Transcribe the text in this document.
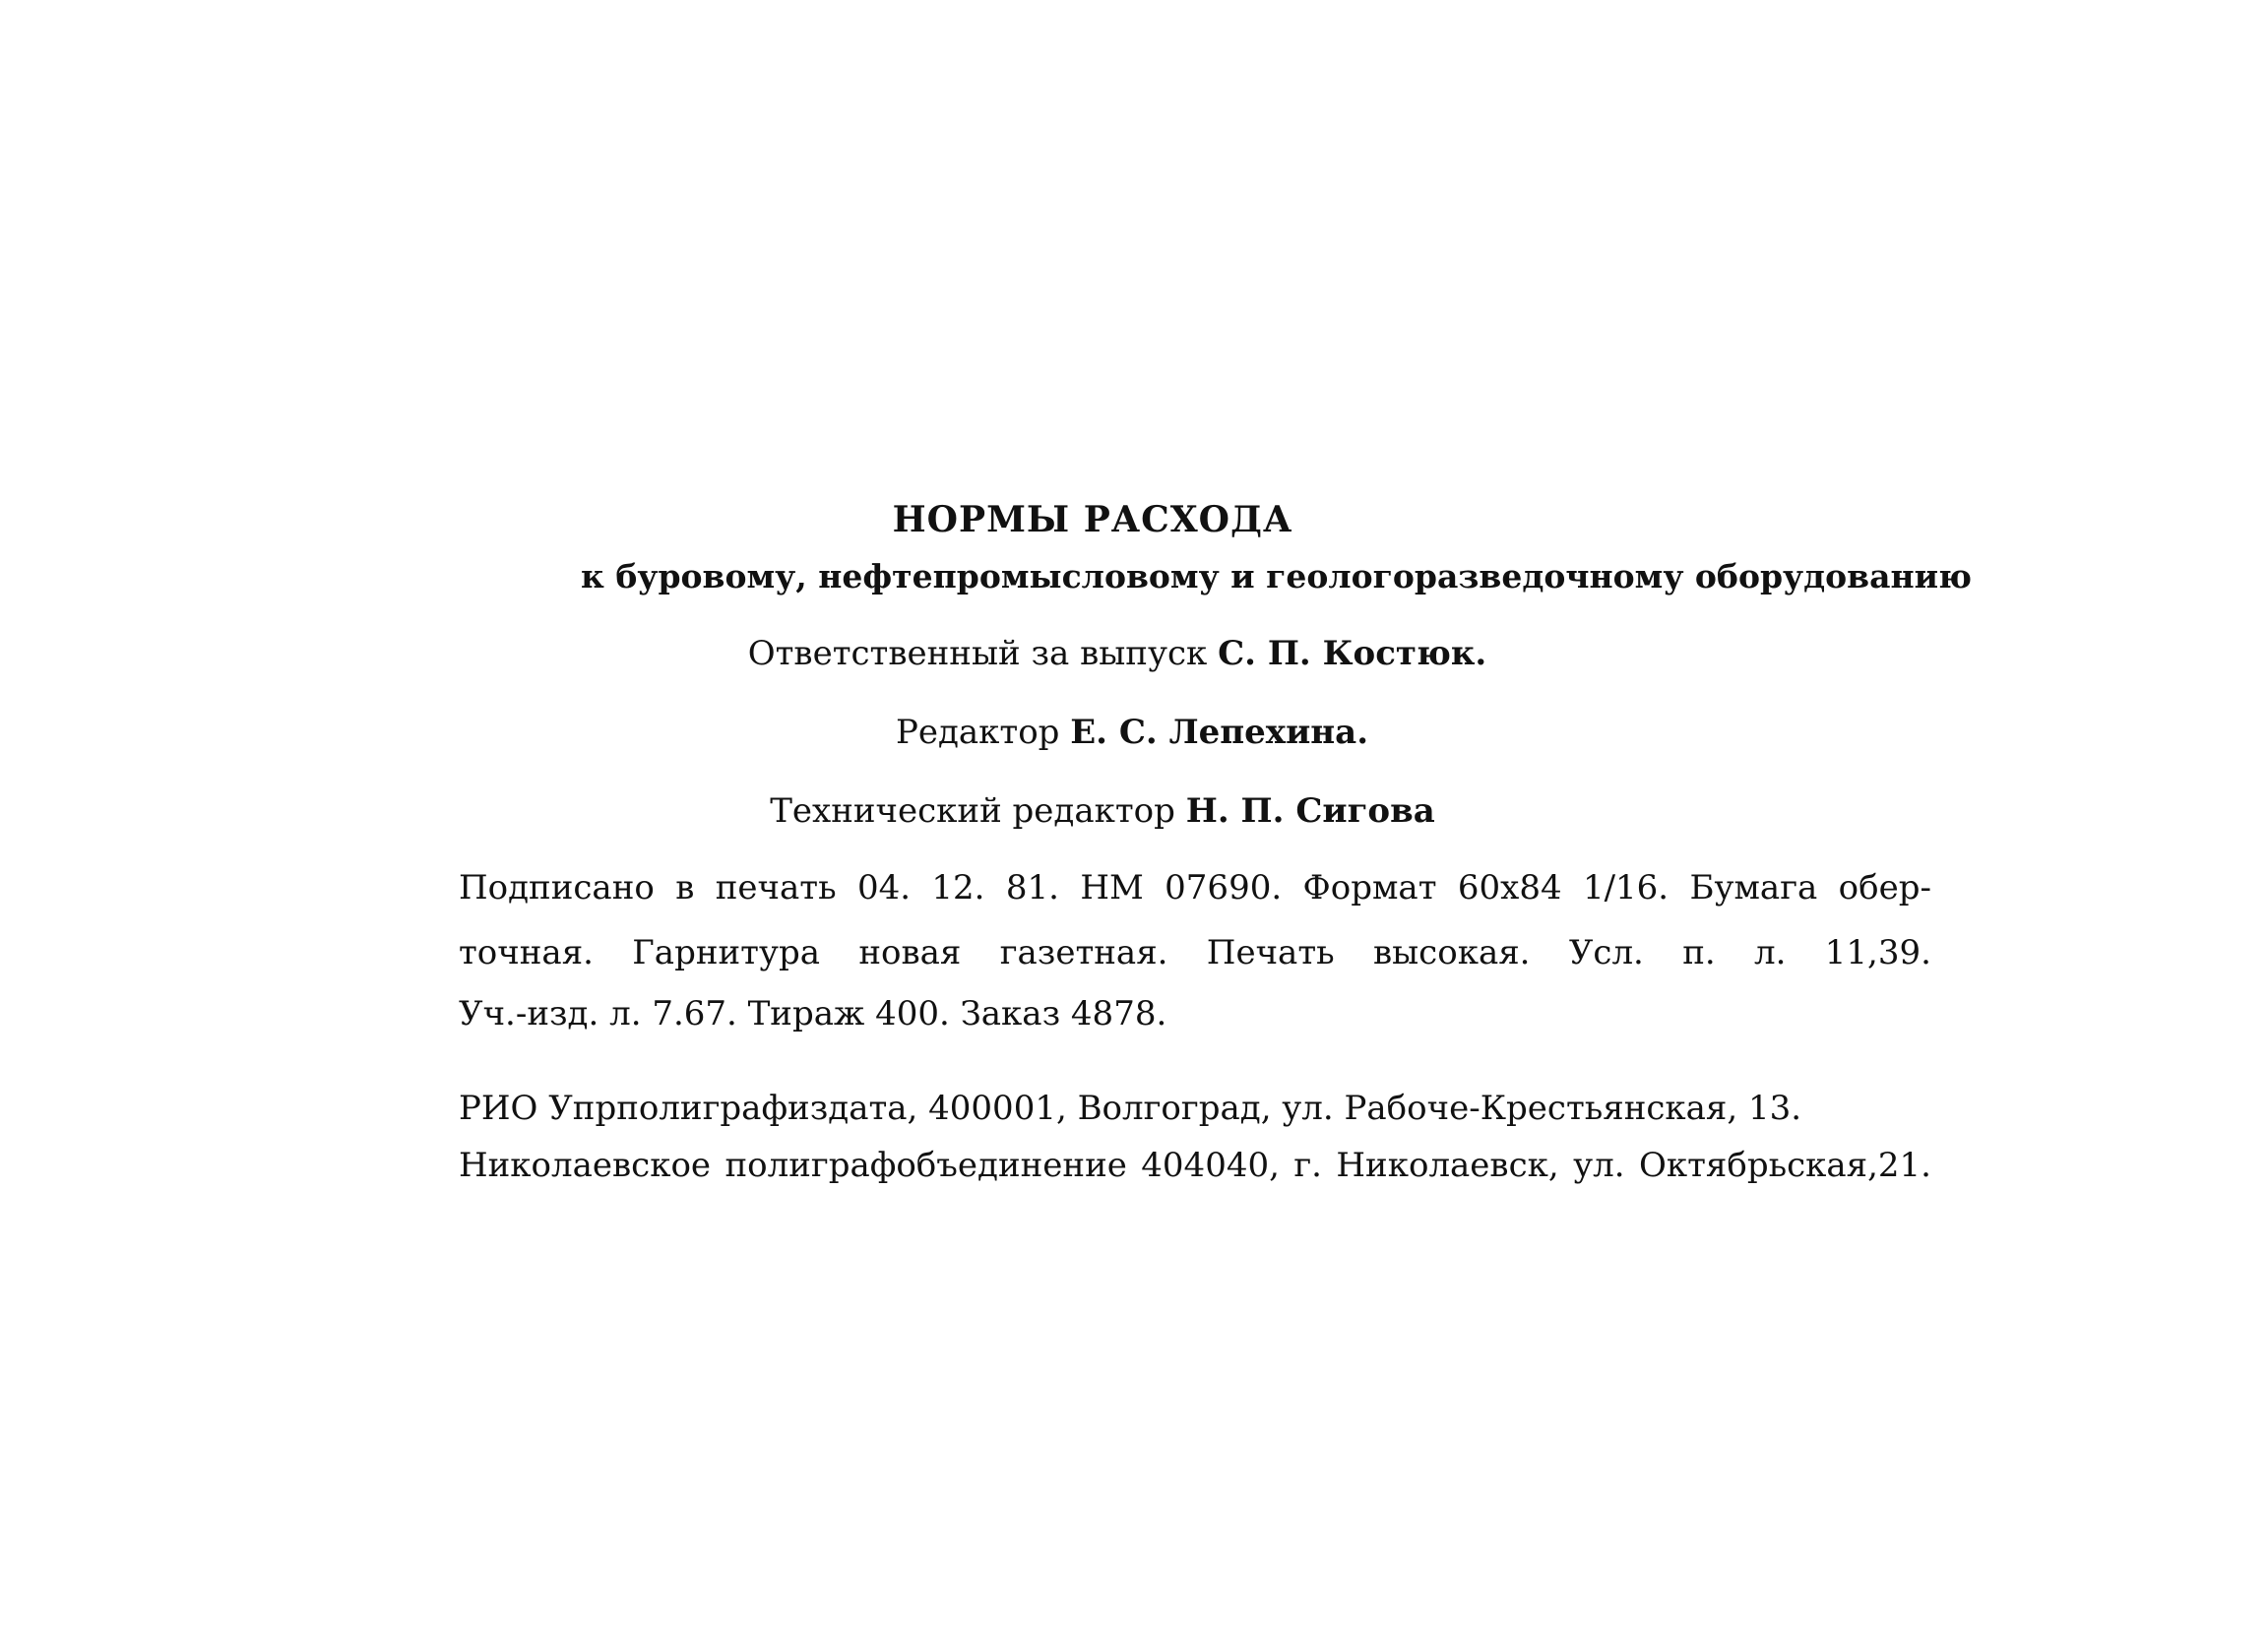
НОРМЫ РАСХОДА
к буровому, нефтепромысловому и геологоразведочному оборудованию
Ответственный за выпуск С. П. Костюк.
Редактор Е. С. Лепехина.
Технический редактор Н. П. Сигова
Подписано в печать 04. 12. 81. НМ 07690. Формат 60х84 1/16. Бумага обер-
точная. Гарнитура новая газетная. Печать высокая. Усл. п. л. 11,39.
Уч.-изд. л. 7.67. Тираж 400. Заказ 4878.
РИО Упрполиграфиздата, 400001, Волгоград, ул. Рабоче-Крестьянская, 13.
Николаевское полиграфобъединение 404040, г. Николаевск, ул. Октябрьская,21.
